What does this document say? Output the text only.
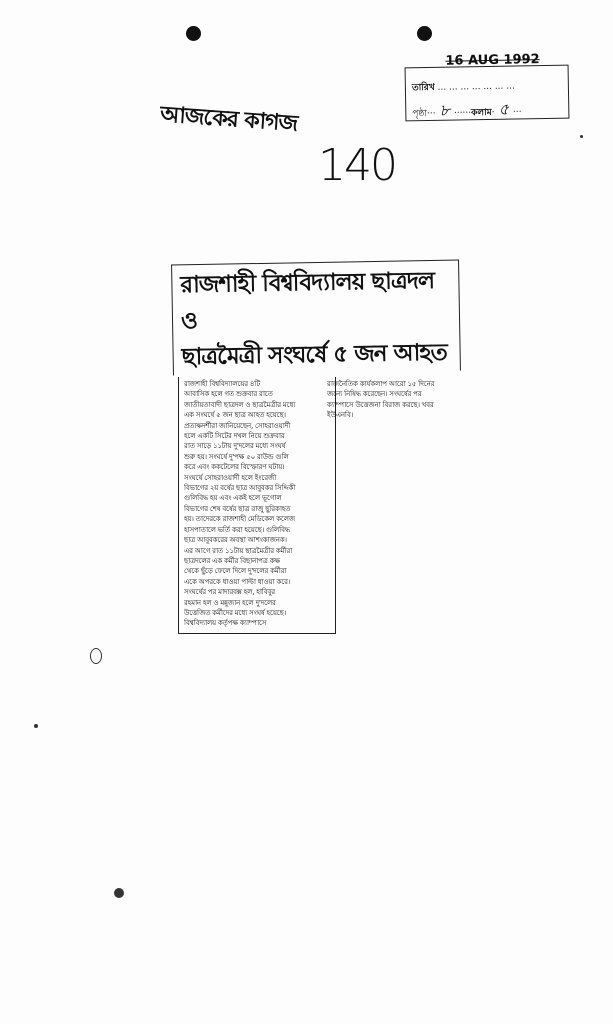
আজকের কাগজ
140
16 AUG 1992
তারিখ ... ... ... ... ... ... ...
পৃষ্ঠা··· ৮ ······কলাম· ৫ ···
রাজশাহী বিশ্ববিদ্যালয় ছাত্রদল ও
ছাত্রমৈত্রী সংঘর্ষে ৫ জন আহত
রাজশাহী বিশ্ববিদ্যালয়ের ৪টি
আবাসিক হলে গত শুক্রবার রাতে
জাতীয়তাবাদী ছাত্রদল ও ছাত্রমৈত্রীর মধ্যে
এক সংঘর্ষে ৫ জন ছাত্র আহত হয়েছে।
প্রত্যক্ষদর্শীরা জানিয়েছেন, সোহরাওয়ার্দী
হলে একটি সিটের দখল নিয়ে শুক্রবার
রাত সাড়ে ১১টায় দু'দলের মধ্যে সংঘর্ষ
শুরু হয়। সংঘর্ষে দু'পক্ষ ৫০ রাউন্ড গুলি
করে এবং ককটেলের বিস্ফোরণ ঘটায়।
সংঘর্ষে সোহরাওয়ার্দী হলে ইংরেজী
বিভাগের ২য় বর্ষের ছাত্র আবুবকর সিদ্দিকী
গুলিবিদ্ধ হয় এবং একই হলে ভূগোল
বিভাগের শেষ বর্ষের ছাত্র রাজু ছুরিকাহত
হয়। তাদেরকে রাজশাহী মেডিকেল কলেজ
হাসপাতালে ভর্তি করা হয়েছে। গুলিবিদ্ধ
ছাত্র আবুবকরের অবস্থা আশংকাজনক।
এর আগে রাত ১১টায় ছাত্রমৈত্রীর কর্মীরা
ছাত্রদলের এক কর্মীর বিছানাপত্র কক্ষ
থেকে ছুঁড়ে ফেলে দিলে দু'দলের কর্মীরা
একে অপরকে ধাওয়া পাল্টা ধাওয়া করে।
সংঘর্ষের পর মাদারবক্স হল, হাবিবুর
রহমান হল ও মন্নুজান হলে দু'দলের
উত্তেজিত কর্মীদের মধ্যে সংঘর্ষ হয়েছে।
বিশ্ববিদ্যালয় কর্তৃপক্ষ ক্যাম্পাসে
রাজনৈতিক কার্যকলাপ আরো ১৫ দিনের
জন্যে নিষিদ্ধ করেছেন। সংঘর্ষের পর
ক্যাম্পাসে উত্তেজনা বিরাজ করছে। খবর
ইউএনবি।
